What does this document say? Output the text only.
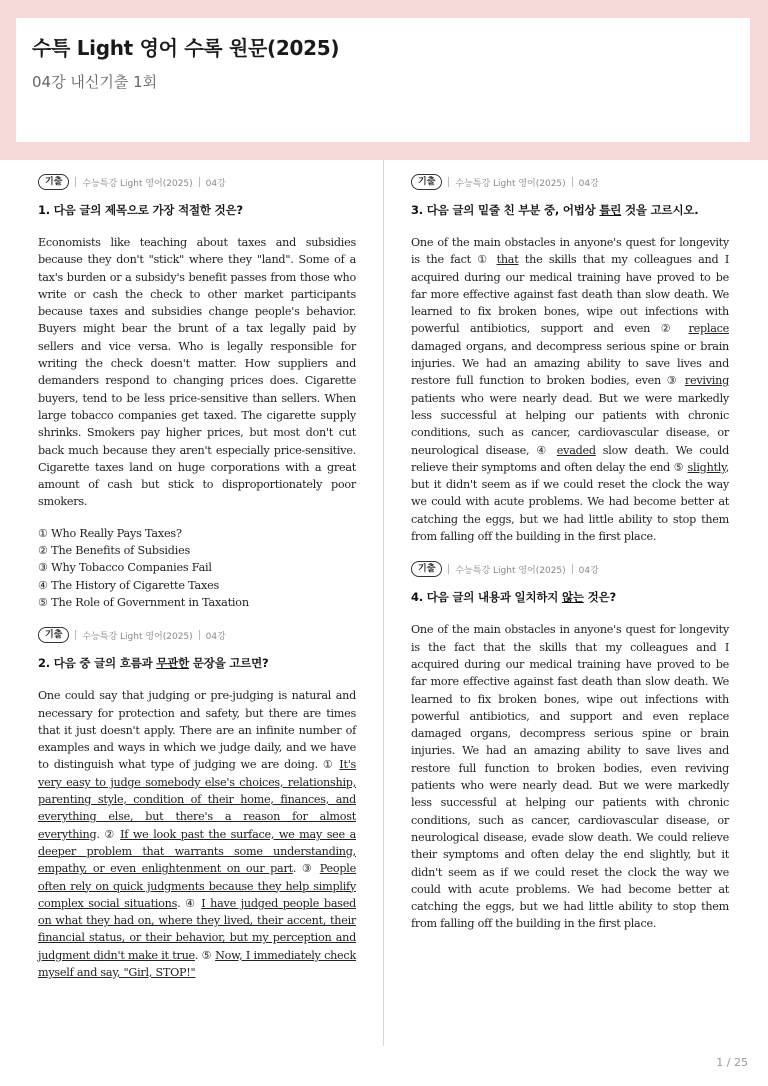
수특 Light 영어 수록 원문(2025)
04강 내신기출 1회
기출	수능특강 Light 영어(2025) 04강
1. 다음 글의 제목으로 가장 적절한 것은?
Economists like teaching about taxes and subsidies because they don't "stick" where they "land". Some of a tax's burden or a subsidy's benefit passes from those who write or cash the check to other market participants because taxes and subsidies change people's behavior. Buyers might bear the brunt of a tax legally paid by sellers and vice versa. Who is legally responsible for writing the check doesn't matter. How suppliers and demanders respond to changing prices does. Cigarette buyers, tend to be less price-sensitive than sellers. When large tobacco companies get taxed. The cigarette supply shrinks. Smokers pay higher prices, but most don't cut back much because they aren't especially price-sensitive. Cigarette taxes land on huge corporations with a great amount of cash but stick to disproportionately poor smokers.
① Who Really Pays Taxes?
② The Benefits of Subsidies
③ Why Tobacco Companies Fail
④ The History of Cigarette Taxes
⑤ The Role of Government in Taxation
기출	수능특강 Light 영어(2025) 04강
2. 다음 중 글의 흐름과 무관한 문장을 고르면?
One could say that judging or pre-judging is natural and necessary for protection and safety, but there are times that it just doesn't apply. There are an infinite number of examples and ways in which we judge daily, and we have to distinguish what type of judging we are doing. ① It's very easy to judge somebody else's choices, relationship, parenting style, condition of their home, finances, and everything else, but there's a reason for almost everything. ② If we look past the surface, we may see a deeper problem that warrants some understanding, empathy, or even enlightenment on our part. ③ People often rely on quick judgments because they help simplify complex social situations. ④ I have judged people based on what they had on, where they lived, their accent, their financial status, or their behavior, but my perception and judgment didn't make it true. ⑤ Now, I immediately check myself and say, "Girl, STOP!"
기출	수능특강 Light 영어(2025) 04강
3. 다음 글의 밑줄 친 부분 중, 어법상 틀린 것을 고르시오.
One of the main obstacles in anyone's quest for longevity is the fact ① that the skills that my colleagues and I acquired during our medical training have proved to be far more effective against fast death than slow death. We learned to fix broken bones, wipe out infections with powerful antibiotics, support and even ② replace damaged organs, and decompress serious spine or brain injuries. We had an amazing ability to save lives and restore full function to broken bodies, even ③ reviving patients who were nearly dead. But we were markedly less successful at helping our patients with chronic conditions, such as cancer, cardiovascular disease, or neurological disease, ④ evaded slow death. We could relieve their symptoms and often delay the end ⑤ slightly, but it didn't seem as if we could reset the clock the way we could with acute problems. We had become better at catching the eggs, but we had little ability to stop them from falling off the building in the first place.
기출	수능특강 Light 영어(2025) 04강
4. 다음 글의 내용과 일치하지 않는 것은?
One of the main obstacles in anyone's quest for longevity is the fact that the skills that my colleagues and I acquired during our medical training have proved to be far more effective against fast death than slow death. We learned to fix broken bones, wipe out infections with powerful antibiotics, and support and even replace damaged organs, decompress serious spine or brain injuries. We had an amazing ability to save lives and restore full function to broken bodies, even reviving patients who were nearly dead. But we were markedly less successful at helping our patients with chronic conditions, such as cancer, cardiovascular disease, or neurological disease, evade slow death. We could relieve their symptoms and often delay the end slightly, but it didn't seem as if we could reset the clock the way we could with acute problems. We had become better at catching the eggs, but we had little ability to stop them from falling off the building in the first place.
1 / 25
